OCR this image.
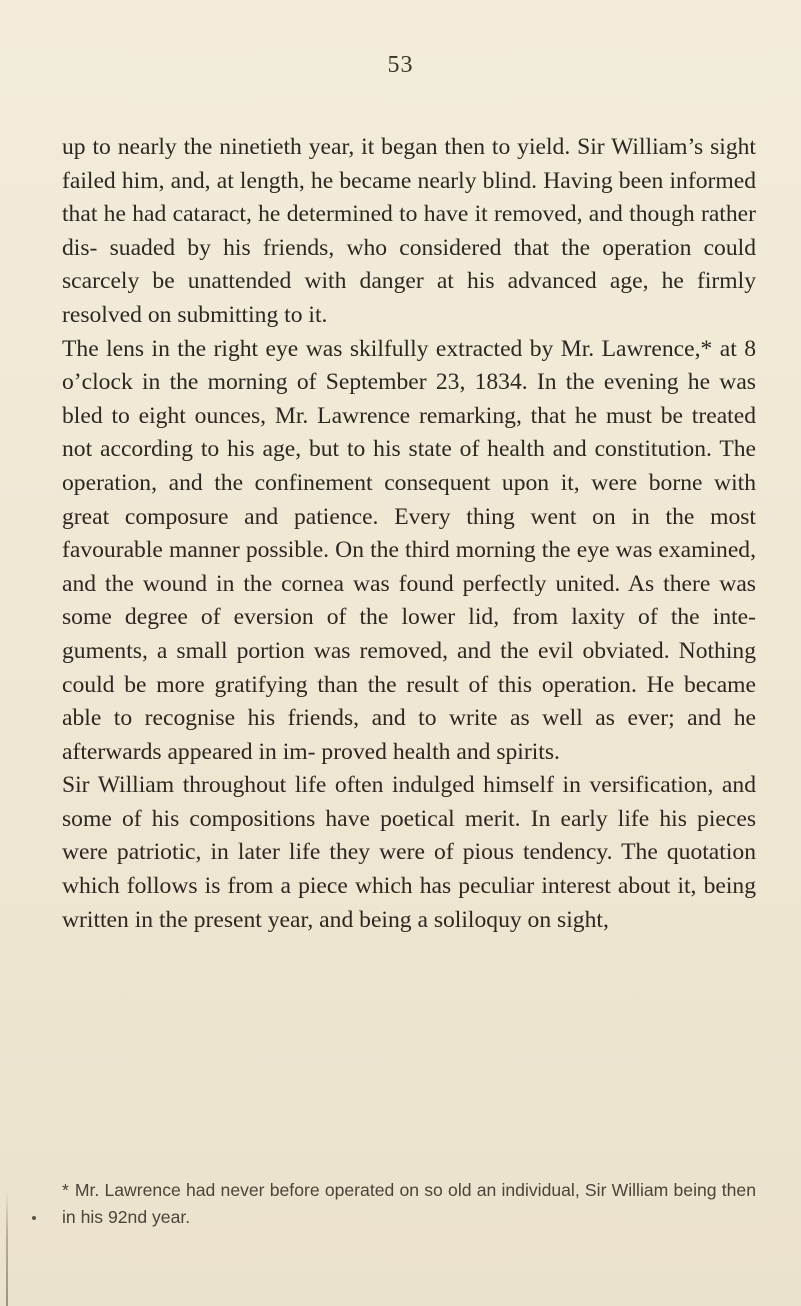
53

up to nearly the ninetieth year, it began then to yield. Sir William’s sight failed him, and, at length, he became nearly blind. Having been informed that he had cataract, he determined to have it removed, and though rather dis- suaded by his friends, who considered that the operation could scarcely be unattended with danger at his advanced age, he firmly resolved on submitting to it.

The lens in the right eye was skilfully extracted by Mr. Lawrence,* at 8 o’clock in the morning of September 23, 1834. In the evening he was bled to eight ounces, Mr. Lawrence remarking, that he must be treated not according to his age, but to his state of health and constitution. The operation, and the confinement consequent upon it, were borne with great composure and patience. Every thing went on in the most favourable manner possible. On the third morning the eye was examined, and the wound in the cornea was found perfectly united. As there was some degree of eversion of the lower lid, from laxity of the inte- guments, a small portion was removed, and the evil obviated. Nothing could be more gratifying than the result of this operation. He became able to recognise his friends, and to write as well as ever; and he afterwards appeared in im- proved health and spirits.

Sir William throughout life often indulged himself in versification, and some of his compositions have poetical merit. In early life his pieces were patriotic, in later life they were of pious tendency. The quotation which follows is from a piece which has peculiar interest about it, being written in the present year, and being a soliloquy on sight,

* Mr. Lawrence had never before operated on so old an individual, Sir William being then in his 92nd year.
